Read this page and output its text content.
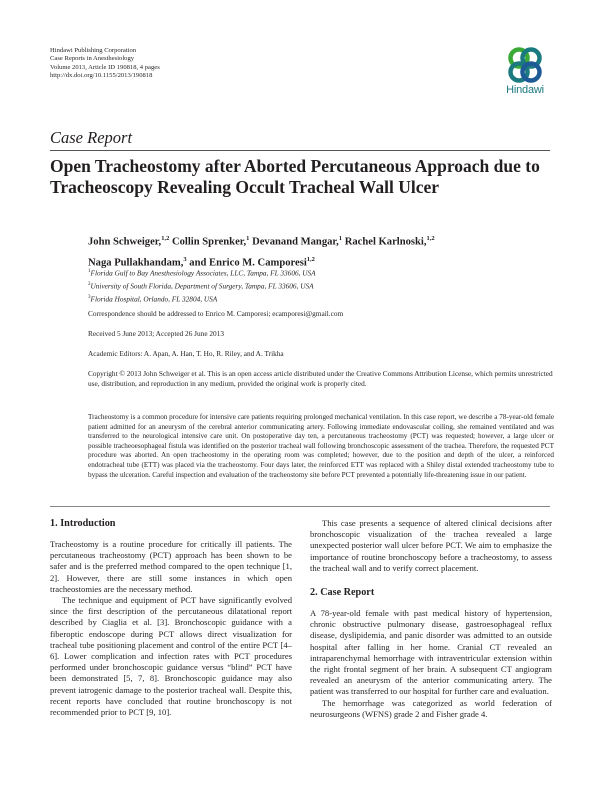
Hindawi Publishing Corporation
Case Reports in Anesthesiology
Volume 2013, Article ID 190818, 4 pages
http://dx.doi.org/10.1155/2013/190818
Hindawi
Case Report
Open Tracheostomy after Aborted Percutaneous Approach due to Tracheoscopy Revealing Occult Tracheal Wall Ulcer
John Schweiger,$^{1,2}$ Collin Sprenker,$^1$ Devanand Mangar,$^1$ Rachel Karlnoski,$^{1,2}$
Naga Pullakhandam,$^3$ and Enrico M. Camporesi$^{1,2}$
$^1$Florida Gulf to Bay Anesthesiology Associates, LLC, Tampa, FL 33606, USA
$^2$University of South Florida, Department of Surgery, Tampa, FL 33606, USA
$^3$Florida Hospital, Orlando, FL 32804, USA
Correspondence should be addressed to Enrico M. Camporesi; ecamporesi@gmail.com
Received 5 June 2013; Accepted 26 June 2013
Academic Editors: A. Apan, A. Han, T. Ho, R. Riley, and A. Trikha
Copyright © 2013 John Schweiger et al. This is an open access article distributed under the Creative Commons Attribution License, which permits unrestricted use, distribution, and reproduction in any medium, provided the original work is properly cited.
Tracheostomy is a common procedure for intensive care patients requiring prolonged mechanical ventilation. In this case report, we describe a 78-year-old female patient admitted for an aneurysm of the cerebral anterior communicating artery. Following immediate endovascular coiling, she remained ventilated and was transferred to the neurological intensive care unit. On postoperative day ten, a percutaneous tracheostomy (PCT) was requested; however, a large ulcer or possible tracheoesophageal fistula was identified on the posterior tracheal wall following bronchoscopic assessment of the trachea. Therefore, the requested PCT procedure was aborted. An open tracheostomy in the operating room was completed; however, due to the position and depth of the ulcer, a reinforced endotracheal tube (ETT) was placed via the tracheostomy. Four days later, the reinforced ETT was replaced with a Shiley distal extended tracheostomy tube to bypass the ulceration. Careful inspection and evaluation of the tracheostomy site before PCT prevented a potentially life-threatening issue in our patient.
1. Introduction

Tracheostomy is a routine procedure for critically ill patients. The percutaneous tracheostomy (PCT) approach has been shown to be safer and is the preferred method compared to the open technique [1, 2]. However, there are still some instances in which open tracheostomies are the necessary method.

The technique and equipment of PCT have significantly evolved since the first description of the percutaneous dilatational report described by Ciaglia et al. [3]. Bronchoscopic guidance with a fiberoptic endoscope during PCT allows direct visualization for tracheal tube positioning placement and control of the entire PCT [4–6]. Lower complication and infection rates with PCT procedures performed under bronchoscopic guidance versus “blind” PCT have been demonstrated [5, 7, 8]. Bronchoscopic guidance may also prevent iatrogenic damage to the posterior tracheal wall. Despite this, recent reports have concluded that routine bronchoscopy is not recommended prior to PCT [9, 10].

This case presents a sequence of altered clinical decisions after bronchoscopic visualization of the trachea revealed a large unexpected posterior wall ulcer before PCT. We aim to emphasize the importance of routine bronchoscopy before a tracheostomy, to assess the tracheal wall and to verify correct placement.

2. Case Report

A 78-year-old female with past medical history of hypertension, chronic obstructive pulmonary disease, gastroesophageal reflux disease, dyslipidemia, and panic disorder was admitted to an outside hospital after falling in her home. Cranial CT revealed an intraparenchymal hemorrhage with intraventricular extension within the right frontal segment of her brain. A subsequent CT angiogram revealed an aneurysm of the anterior communicating artery. The patient was transferred to our hospital for further care and evaluation.

The hemorrhage was categorized as world federation of neurosurgeons (WFNS) grade 2 and Fisher grade 4.
